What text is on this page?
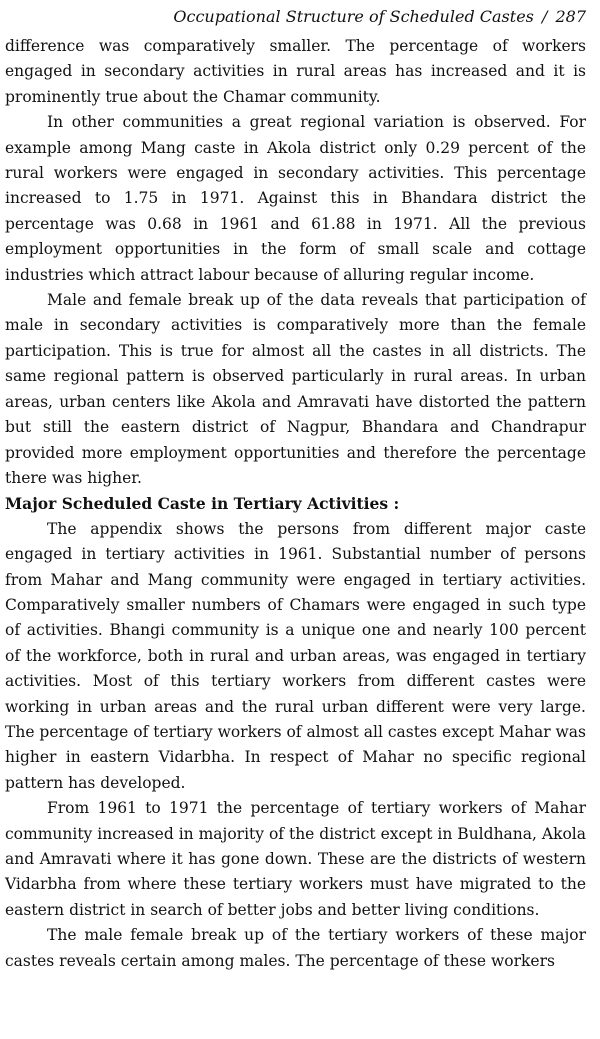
Occupational Structure of Scheduled Castes / 287

difference was comparatively smaller. The percentage of workers engaged in secondary activities in rural areas has increased and it is prominently true about the Chamar community.

In other communities a great regional variation is observed. For example among Mang caste in Akola district only 0.29 percent of the rural workers were engaged in secondary activities. This percentage increased to 1.75 in 1971. Against this in Bhandara district the percentage was 0.68 in 1961 and 61.88 in 1971. All the previous employment opportunities in the form of small scale and cottage industries which attract labour because of alluring regular income.

Male and female break up of the data reveals that participation of male in secondary activities is comparatively more than the female participation. This is true for almost all the castes in all districts. The same regional pattern is observed particularly in rural areas. In urban areas, urban centers like Akola and Amravati have distorted the pattern but still the eastern district of Nagpur, Bhandara and Chandrapur provided more employment opportunities and therefore the percentage there was higher.

Major Scheduled Caste in Tertiary Activities :

The appendix shows the persons from different major caste engaged in tertiary activities in 1961. Substantial number of persons from Mahar and Mang community were engaged in tertiary activities. Comparatively smaller numbers of Chamars were engaged in such type of activities. Bhangi community is a unique one and nearly 100 percent of the workforce, both in rural and urban areas, was engaged in tertiary activities. Most of this tertiary workers from different castes were working in urban areas and the rural urban different were very large. The percentage of tertiary workers of almost all castes except Mahar was higher in eastern Vidarbha. In respect of Mahar no specific regional pattern has developed.

From 1961 to 1971 the percentage of tertiary workers of Mahar community increased in majority of the district except in Buldhana, Akola and Amravati where it has gone down. These are the districts of western Vidarbha from where these tertiary workers must have migrated to the eastern district in search of better jobs and better living conditions.

The male female break up of the tertiary workers of these major castes reveals certain among males. The percentage of these workers
